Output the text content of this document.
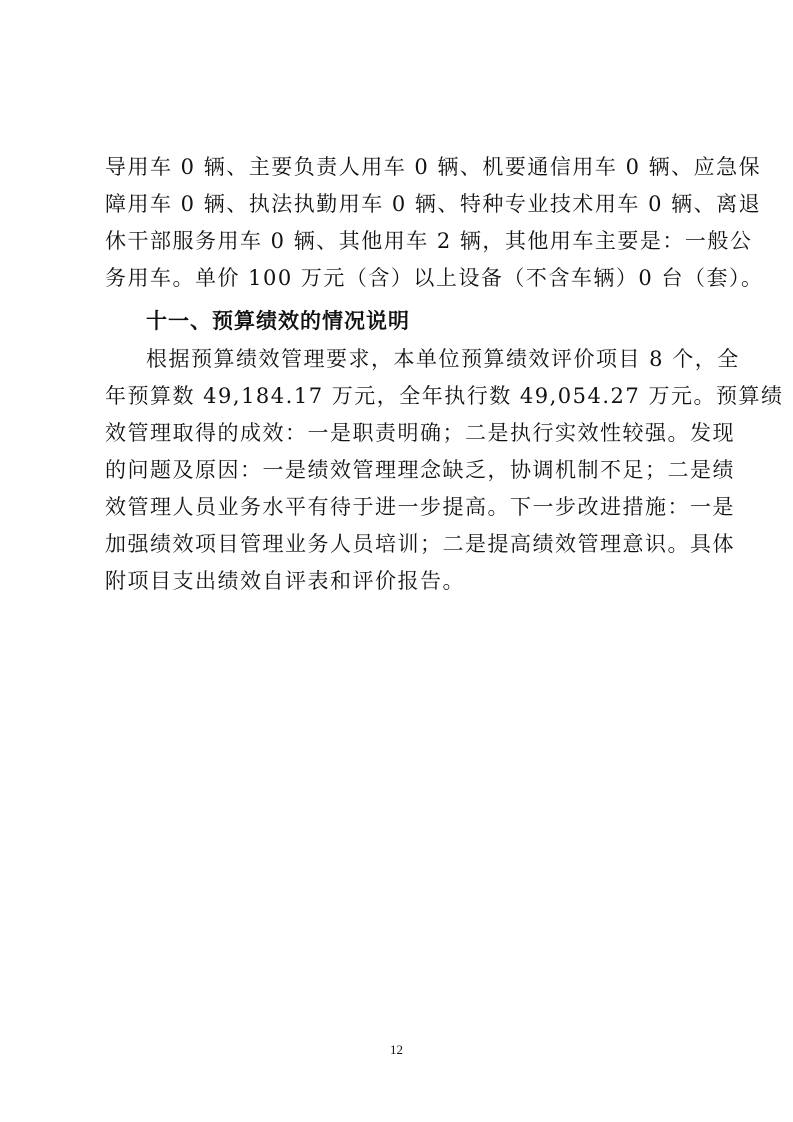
导用车 0 辆、主要负责人用车 0 辆、机要通信用车 0 辆、应急保
障用车 0 辆、执法执勤用车 0 辆、特种专业技术用车 0 辆、离退
休干部服务用车 0 辆、其他用车 2 辆，其他用车主要是：一般公
务用车。单价 100 万元（含）以上设备（不含车辆）0 台（套）。
十一、预算绩效的情况说明
根据预算绩效管理要求，本单位预算绩效评价项目 8 个，全
年预算数 49,184.17 万元，全年执行数 49,054.27 万元。预算绩
效管理取得的成效：一是职责明确；二是执行实效性较强。发现
的问题及原因：一是绩效管理理念缺乏，协调机制不足；二是绩
效管理人员业务水平有待于进一步提高。下一步改进措施：一是
加强绩效项目管理业务人员培训；二是提高绩效管理意识。具体
附项目支出绩效自评表和评价报告。
12
